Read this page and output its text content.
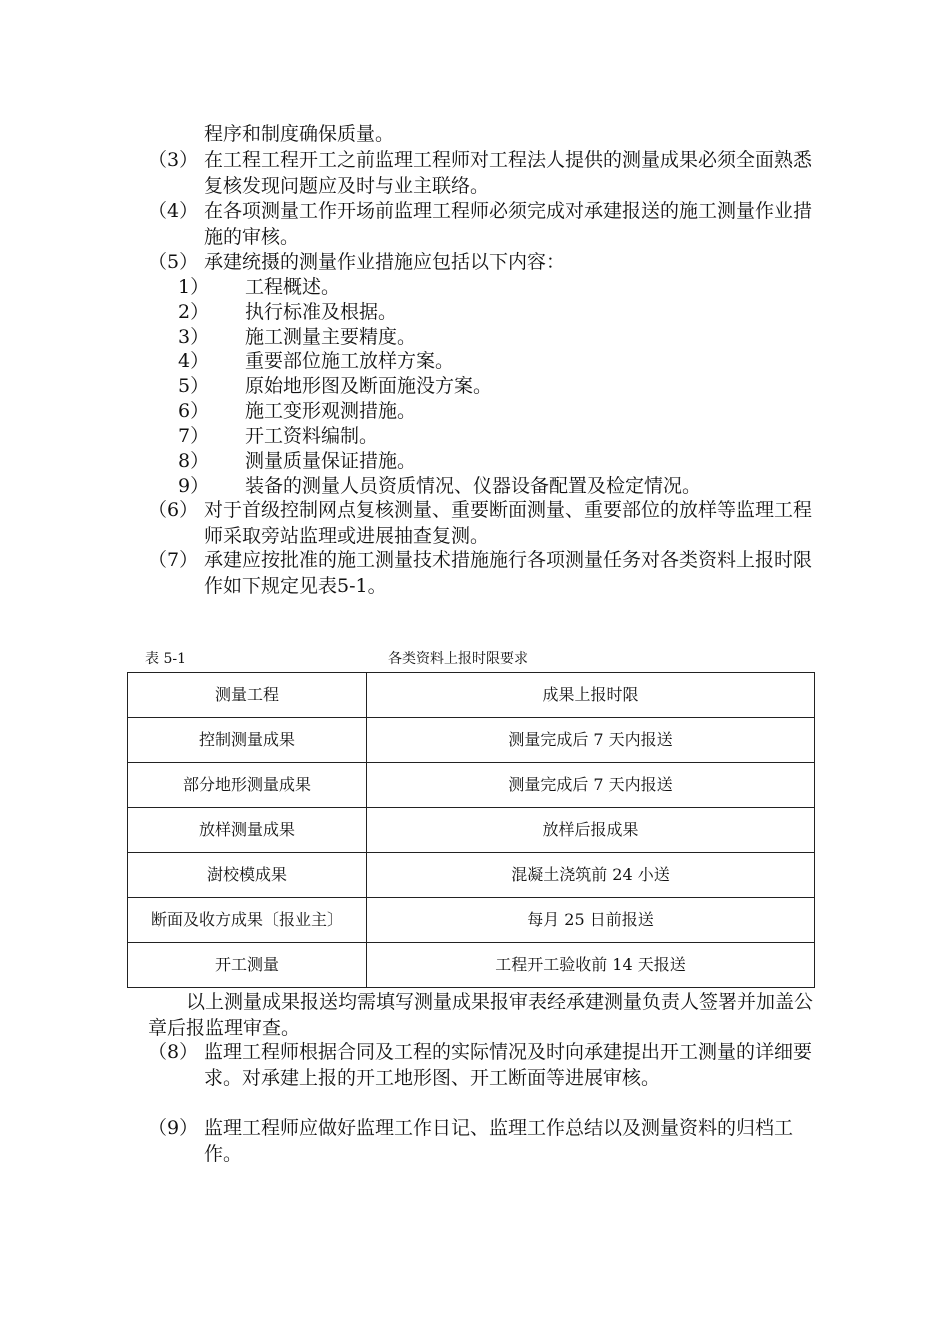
程序和制度确保质量。
（3） 在工程工程开工之前监理工程师对工程法人提供的测量成果必须全面熟悉复核发现问题应及时与业主联络。
（4） 在各项测量工作开场前监理工程师必须完成对承建报送的施工测量作业措施的审核。
（5） 承建统摄的测量作业措施应包括以下内容：
1）	工程概述。
2）	执行标准及根据。
3）	施工测量主要精度。
4）	重要部位施工放样方案。
5）	原始地形图及断面施没方案。
6）	施工变形观测措施。
7）	开工资料编制。
8）	测量质量保证措施。
9）	装备的测量人员资质情况、仪器设备配置及检定情况。
（6） 对于首级控制网点复核测量、重要断面测量、重要部位的放样等监理工程师采取旁站监理或进展抽查复测。
（7） 承建应按批准的施工测量技术措施施行各项测量任务对各类资料上报时限作如下规定见表5-1。
表 5-1	各类资料上报时限要求
测量工程	成果上报时限
控制测量成果	测量完成后 7 天内报送
部分地形测量成果	测量完成后 7 天内报送
放样测量成果	放样后报成果
澍校模成果	混凝土浇筑前 24 小送
断面及收方成果〔报业主〕	每月 25 日前报送
开工测量	工程开工验收前 14 天报送
以上测量成果报送均需填写测量成果报审表经承建测量负责人签署并加盖公章后报监理审查。
（8） 监理工程师根据合同及工程的实际情况及时向承建提出开工测量的详细要求。对承建上报的开工地形图、开工断面等进展审核。
（9） 监理工程师应做好监理工作日记、监理工作总结以及测量资料的归档工作。
